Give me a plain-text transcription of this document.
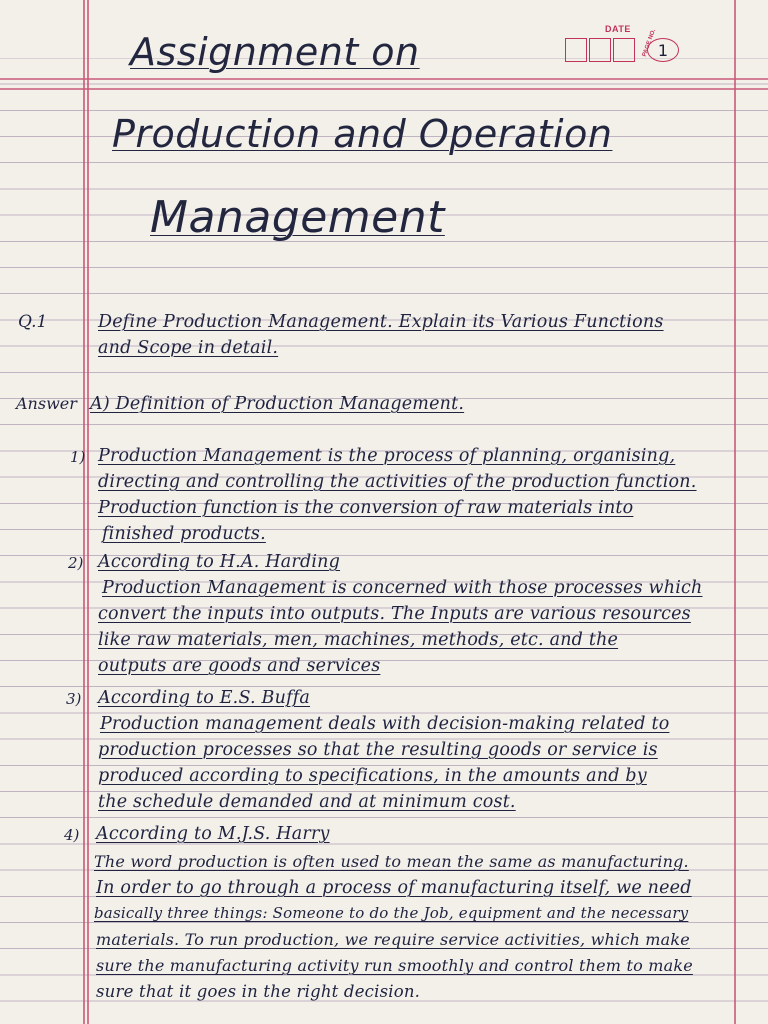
DATE PAGE NO. 1
Assignment on
Production and Operation
Management
Q.1	Define Production Management. Explain its Various Functions
and Scope in detail.
Answer A) Definition of Production Management.
1) Production Management is the process of planning, organising,
directing and controlling the activities of the production function.
Production function is the conversion of raw materials into
finished products.
2) According to H.A. Harding
Production Management is concerned with those processes which
convert the inputs into outputs. The Inputs are various resources
like raw materials, men, machines, methods, etc. and the
outputs are goods and services
3) According to E.S. Buffa
Production management deals with decision-making related to
production processes so that the resulting goods or service is
produced according to specifications, in the amounts and by
the schedule demanded and at minimum cost.
4) According to M.J.S. Harry
The word production is often used to mean the same as manufacturing.
In order to go through a process of manufacturing itself, we need
basically three things: Someone to do the Job, equipment and the necessary
materials. To run production, we require service activities, which make
sure the manufacturing activity run smoothly and control them to make
sure that it goes in the right decision.
